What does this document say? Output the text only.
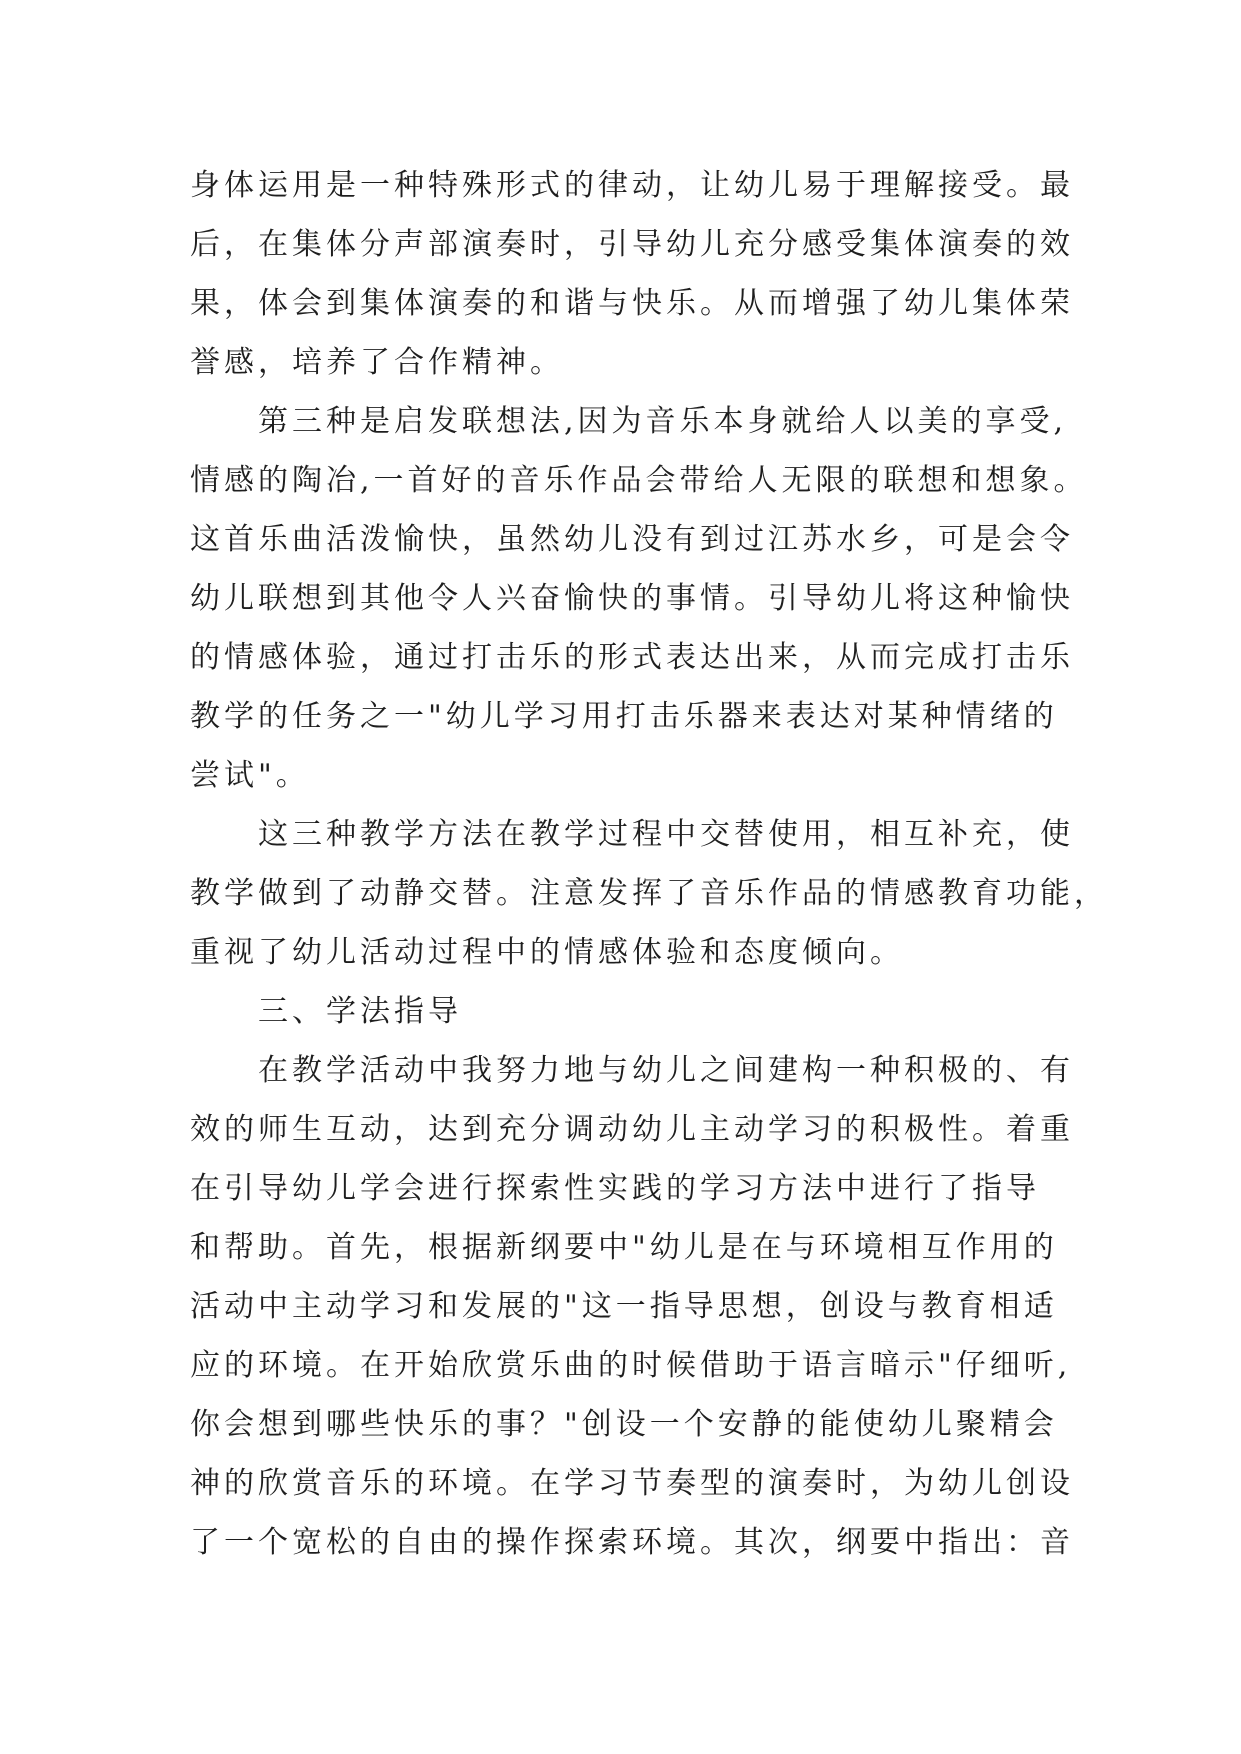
身体运用是一种特殊形式的律动，让幼儿易于理解接受。最

后，在集体分声部演奏时，引导幼儿充分感受集体演奏的效

果，体会到集体演奏的和谐与快乐。从而增强了幼儿集体荣

誉感，培养了合作精神。

第三种是启发联想法,因为音乐本身就给人以美的享受,

情感的陶冶,一首好的音乐作品会带给人无限的联想和想象。

这首乐曲活泼愉快，虽然幼儿没有到过江苏水乡，可是会令

幼儿联想到其他令人兴奋愉快的事情。引导幼儿将这种愉快

的情感体验，通过打击乐的形式表达出来，从而完成打击乐

教学的任务之一"幼儿学习用打击乐器来表达对某种情绪的

尝试"。

这三种教学方法在教学过程中交替使用，相互补充，使

教学做到了动静交替。注意发挥了音乐作品的情感教育功能，

重视了幼儿活动过程中的情感体验和态度倾向。

三、学法指导

在教学活动中我努力地与幼儿之间建构一种积极的、有

效的师生互动，达到充分调动幼儿主动学习的积极性。着重

在引导幼儿学会进行探索性实践的学习方法中进行了指导

和帮助。首先，根据新纲要中"幼儿是在与环境相互作用的

活动中主动学习和发展的"这一指导思想，创设与教育相适

应的环境。在开始欣赏乐曲的时候借助于语言暗示"仔细听,

你会想到哪些快乐的事？"创设一个安静的能使幼儿聚精会

神的欣赏音乐的环境。在学习节奏型的演奏时，为幼儿创设

了一个宽松的自由的操作探索环境。其次，纲要中指出：音
